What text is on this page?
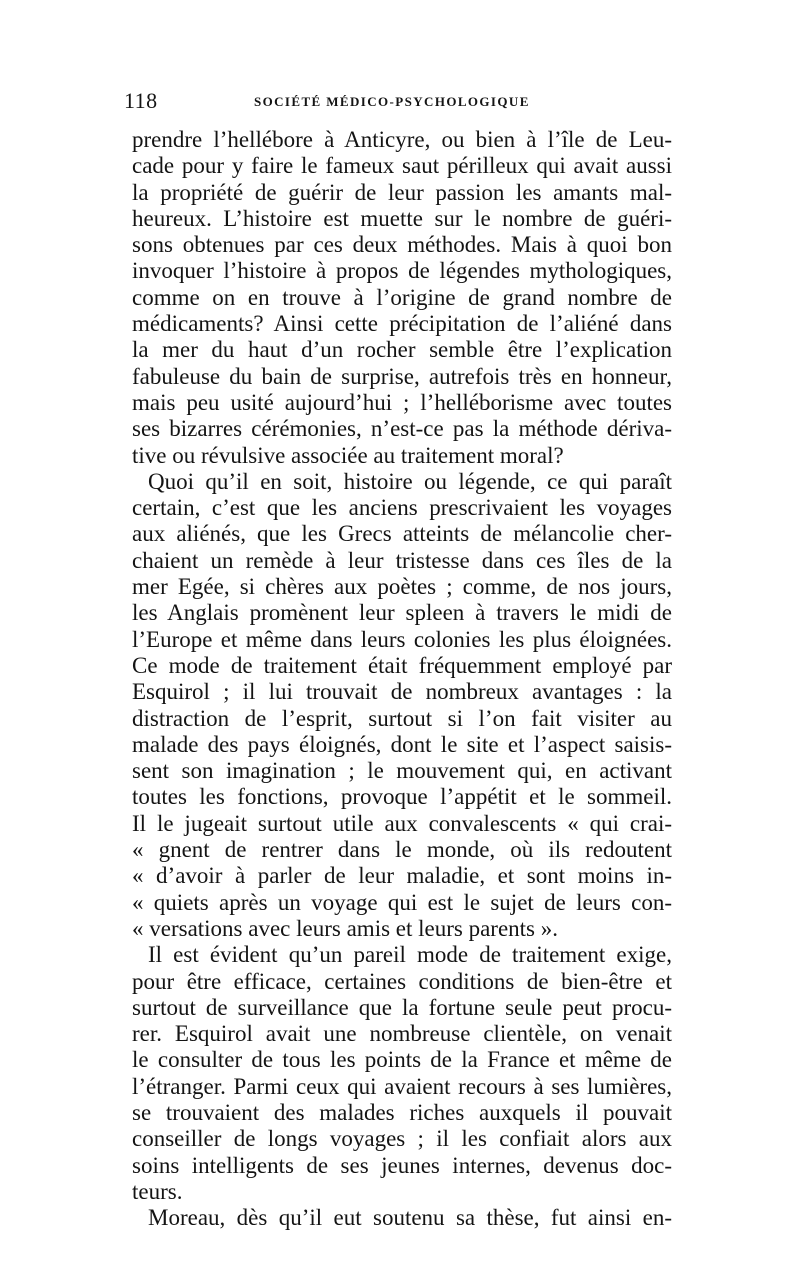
118	SOCIÉTÉ MÉDICO-PSYCHOLOGIQUE
prendre l’hellébore à Anticyre, ou bien à l’île de Leu-
cade pour y faire le fameux saut périlleux qui avait aussi
la propriété de guérir de leur passion les amants mal-
heureux. L’histoire est muette sur le nombre de guéri-
sons obtenues par ces deux méthodes. Mais à quoi bon
invoquer l’histoire à propos de légendes mythologiques,
comme on en trouve à l’origine de grand nombre de
médicaments? Ainsi cette précipitation de l’aliéné dans
la mer du haut d’un rocher semble être l’explication
fabuleuse du bain de surprise, autrefois très en honneur,
mais peu usité aujourd’hui ; l’helléborisme avec toutes
ses bizarres cérémonies, n’est-ce pas la méthode dériva-
tive ou révulsive associée au traitement moral?
Quoi qu’il en soit, histoire ou légende, ce qui paraît
certain, c’est que les anciens prescrivaient les voyages
aux aliénés, que les Grecs atteints de mélancolie cher-
chaient un remède à leur tristesse dans ces îles de la
mer Egée, si chères aux poètes ; comme, de nos jours,
les Anglais promènent leur spleen à travers le midi de
l’Europe et même dans leurs colonies les plus éloignées.
Ce mode de traitement était fréquemment employé par
Esquirol ; il lui trouvait de nombreux avantages : la
distraction de l’esprit, surtout si l’on fait visiter au
malade des pays éloignés, dont le site et l’aspect saisis-
sent son imagination ; le mouvement qui, en activant
toutes les fonctions, provoque l’appétit et le sommeil.
Il le jugeait surtout utile aux convalescents « qui crai-
« gnent de rentrer dans le monde, où ils redoutent
« d’avoir à parler de leur maladie, et sont moins in-
« quiets après un voyage qui est le sujet de leurs con-
« versations avec leurs amis et leurs parents ».
Il est évident qu’un pareil mode de traitement exige,
pour être efficace, certaines conditions de bien-être et
surtout de surveillance que la fortune seule peut procu-
rer. Esquirol avait une nombreuse clientèle, on venait
le consulter de tous les points de la France et même de
l’étranger. Parmi ceux qui avaient recours à ses lumières,
se trouvaient des malades riches auxquels il pouvait
conseiller de longs voyages ; il les confiait alors aux
soins intelligents de ses jeunes internes, devenus doc-
teurs.
Moreau, dès qu’il eut soutenu sa thèse, fut ainsi en-
